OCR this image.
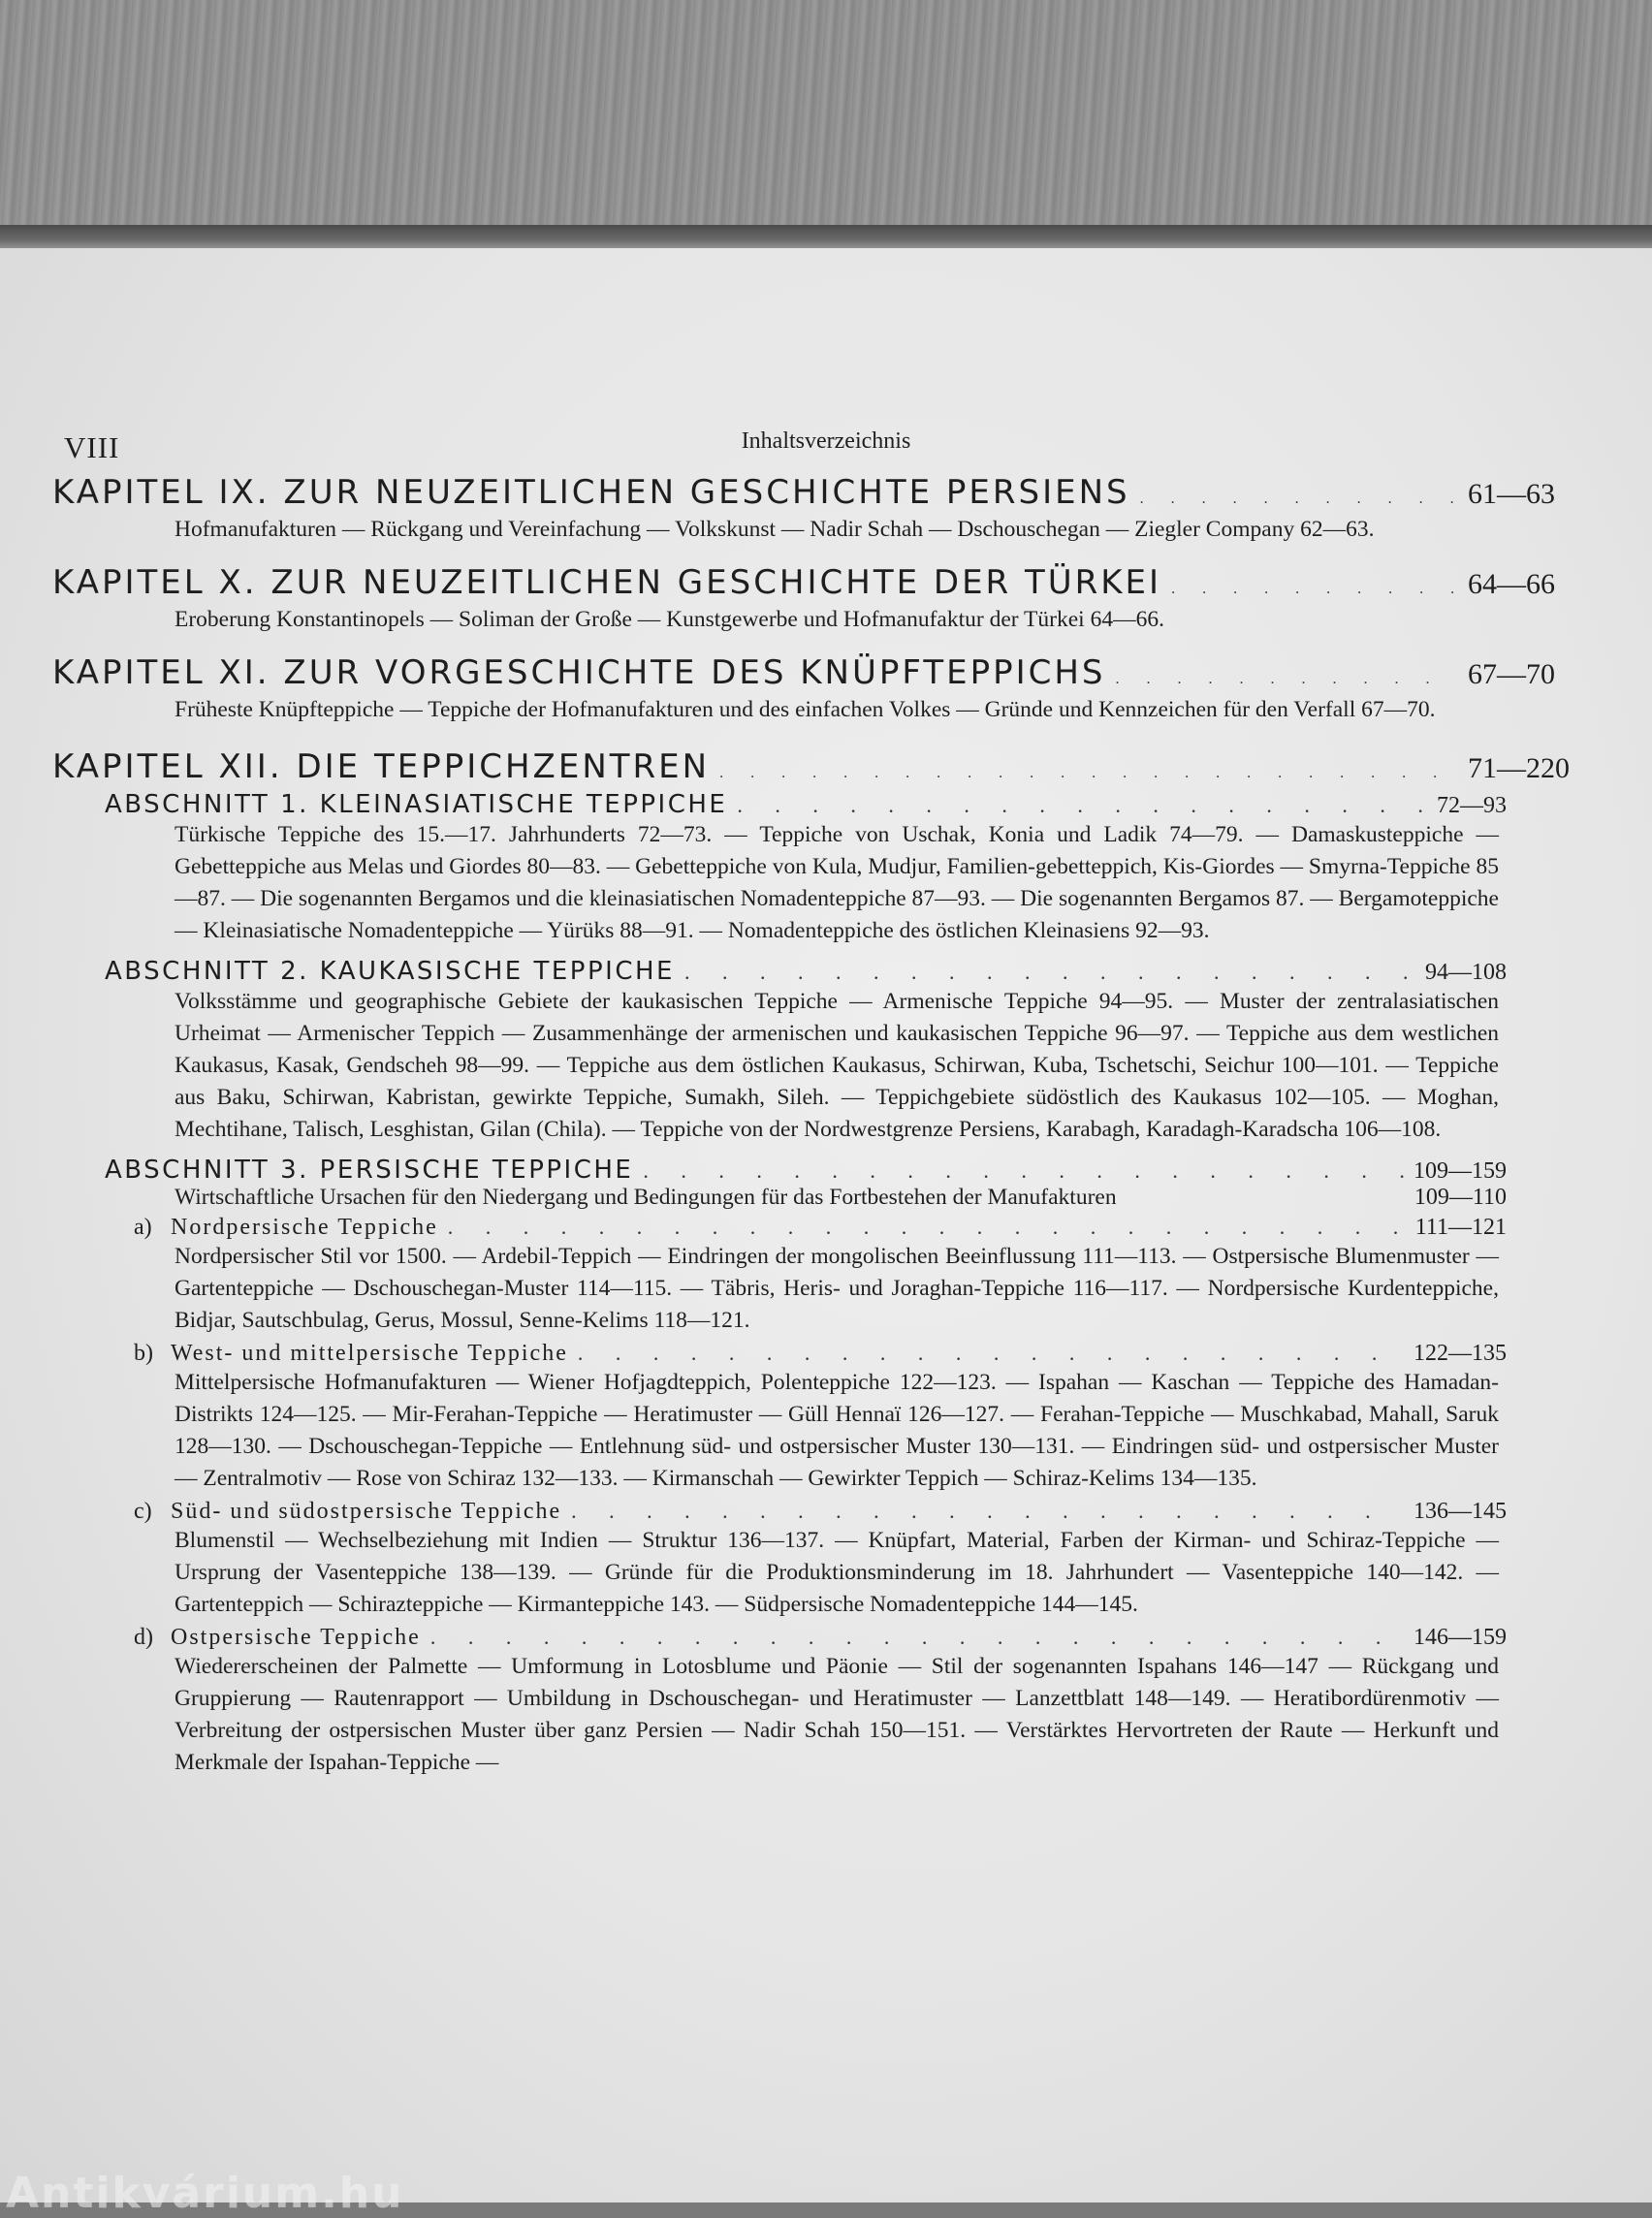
VIII	Inhaltsverzeichnis
KAPITEL IX. ZUR NEUZEITLICHEN GESCHICHTE PERSIENS . . .	61—63
Hofmanufakturen — Rückgang und Vereinfachung — Volkskunst — Nadir Schah — Dschouschegan — Ziegler Company 62—63.
KAPITEL X. ZUR NEUZEITLICHEN GESCHICHTE DER TÜRKEI . . .	64—66
Eroberung Konstantinopels — Soliman der Große — Kunstgewerbe und Hofmanufaktur der Türkei 64—66.
KAPITEL XI. ZUR VORGESCHICHTE DES KNÜPFTEPPICHS . . .	67—70
Früheste Knüpfteppiche — Teppiche der Hofmanufakturen und des einfachen Volkes — Gründe und Kennzeichen für den Verfall 67—70.
KAPITEL XII. DIE TEPPICHZENTREN . . .	71—220
ABSCHNITT 1. KLEINASIATISCHE TEPPICHE . . .	72—93
Türkische Teppiche des 15.—17. Jahrhunderts 72—73. — Teppiche von Uschak, Konia und Ladik 74—79. — Damaskusteppiche — Gebetteppiche aus Melas und Giordes 80—83. — Gebetteppiche von Kula, Mudjur, Familien-gebetteppich, Kis-Giordes — Smyrna-Teppiche 85—87. — Die sogenannten Bergamos und die kleinasiatischen Nomadenteppiche 87—93. — Die sogenannten Bergamos 87. — Bergamoteppiche — Kleinasiatische Nomadenteppiche — Yürüks 88—91. — Nomadenteppiche des östlichen Kleinasiens 92—93.
ABSCHNITT 2. KAUKASISCHE TEPPICHE . . .	94—108
Volksstämme und geographische Gebiete der kaukasischen Teppiche — Armenische Teppiche 94—95. — Muster der zentralasiatischen Urheimat — Armenischer Teppich — Zusammenhänge der armenischen und kaukasischen Teppiche 96—97. — Teppiche aus dem westlichen Kaukasus, Kasak, Gendscheh 98—99. — Teppiche aus dem östlichen Kaukasus, Schirwan, Kuba, Tschetschi, Seichur 100—101. — Teppiche aus Baku, Schirwan, Kabristan, gewirkte Teppiche, Sumakh, Sileh. — Teppichgebiete südöstlich des Kaukasus 102—105. — Moghan, Mechtihane, Talisch, Lesghistan, Gilan (Chila). — Teppiche von der Nordwestgrenze Persiens, Karabagh, Karadagh-Karadscha 106—108.
ABSCHNITT 3. PERSISCHE TEPPICHE . . .	109—159
Wirtschaftliche Ursachen für den Niedergang und Bedingungen für das Fortbestehen der Manufakturen	109—110
a) Nordpersische Teppiche . . .	111—121
Nordpersischer Stil vor 1500. — Ardebil-Teppich — Eindringen der mongolischen Beeinflussung 111—113. — Ostpersische Blumenmuster — Gartenteppiche — Dschouschegan-Muster 114—115. — Täbris, Heris- und Joraghan-Teppiche 116—117. — Nordpersische Kurdenteppiche, Bidjar, Sautschbulag, Gerus, Mossul, Senne-Kelims 118—121.
b) West- und mittelpersische Teppiche . . .	122—135
Mittelpersische Hofmanufakturen — Wiener Hofjagdteppich, Polenteppiche 122—123. — Ispahan — Kaschan — Teppiche des Hamadan-Distrikts 124—125. — Mir-Ferahan-Teppiche — Heratimuster — Güll Hennaï 126—127. — Ferahan-Teppiche — Muschkabad, Mahall, Saruk 128—130. — Dschouschegan-Teppiche — Entlehnung süd- und ostpersischer Muster 130—131. — Eindringen süd- und ostpersischer Muster — Zentralmotiv — Rose von Schiraz 132—133. — Kirmanschah — Gewirkter Teppich — Schiraz-Kelims 134—135.
c) Süd- und südostpersische Teppiche . . .	136—145
Blumenstil — Wechselbeziehung mit Indien — Struktur 136—137. — Knüpfart, Material, Farben der Kirman- und Schiraz-Teppiche — Ursprung der Vasenteppiche 138—139. — Gründe für die Produktionsminderung im 18. Jahrhundert — Vasenteppiche 140—142. — Gartenteppich — Schirazteppiche — Kirmanteppiche 143. — Südpersische Nomadenteppiche 144—145.
d) Ostpersische Teppiche . . .	146—159
Wiedererscheinen der Palmette — Umformung in Lotosblume und Päonie — Stil der sogenannten Ispahans 146—147 — Rückgang und Gruppierung — Rautenrapport — Umbildung in Dschouschegan- und Heratimuster — Lanzettblatt 148—149. — Heratibordürenmotiv — Verbreitung der ostpersischen Muster über ganz Persien — Nadir Schah 150—151. — Verstärktes Hervortreten der Raute — Herkunft und Merkmale der Ispahan-Teppiche —
Antikvárium.hu
